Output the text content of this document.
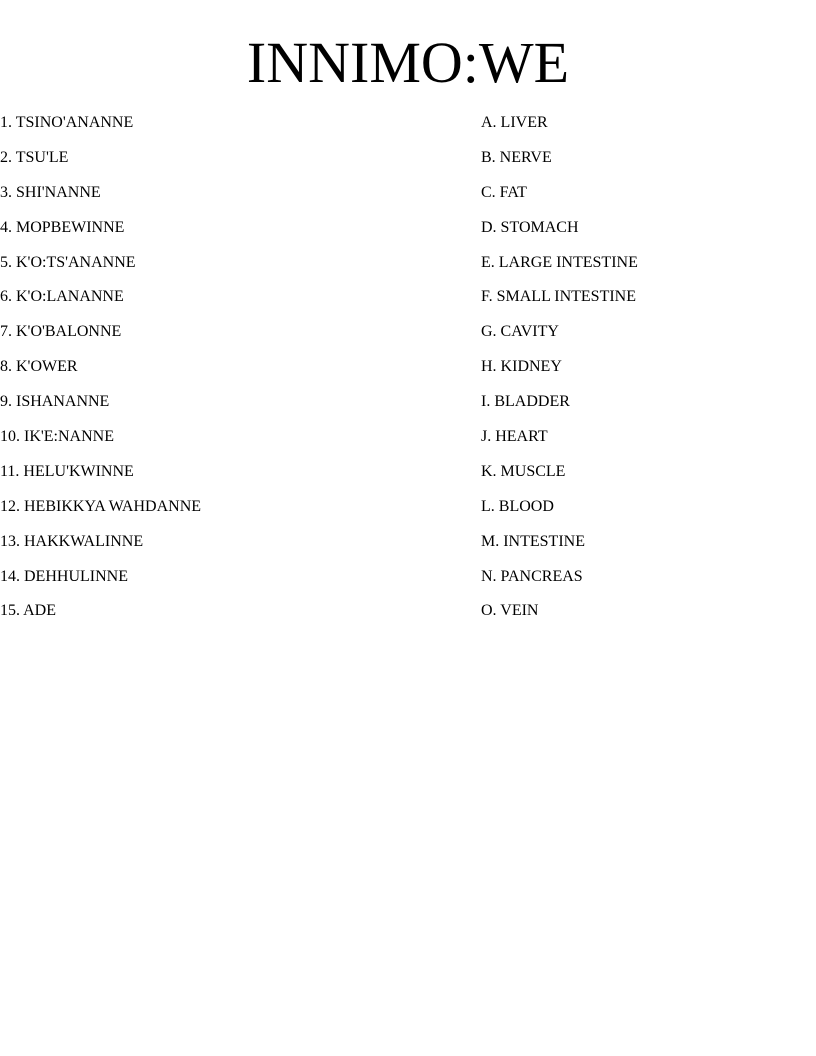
INNIMO:WE
1. TSINO'ANANNE
2. TSU'LE
3. SHI'NANNE
4. MOPBEWINNE
5. K'O:TS'ANANNE
6. K'O:LANANNE
7. K'O'BALONNE
8. K'OWER
9. ISHANANNE
10. IK'E:NANNE
11. HELU'KWINNE
12. HEBIKKYA WAHDANNE
13. HAKKWALINNE
14. DEHHULINNE
15. ADE
A. LIVER
B. NERVE
C. FAT
D. STOMACH
E. LARGE INTESTINE
F. SMALL INTESTINE
G. CAVITY
H. KIDNEY
I. BLADDER
J. HEART
K. MUSCLE
L. BLOOD
M. INTESTINE
N. PANCREAS
O. VEIN
